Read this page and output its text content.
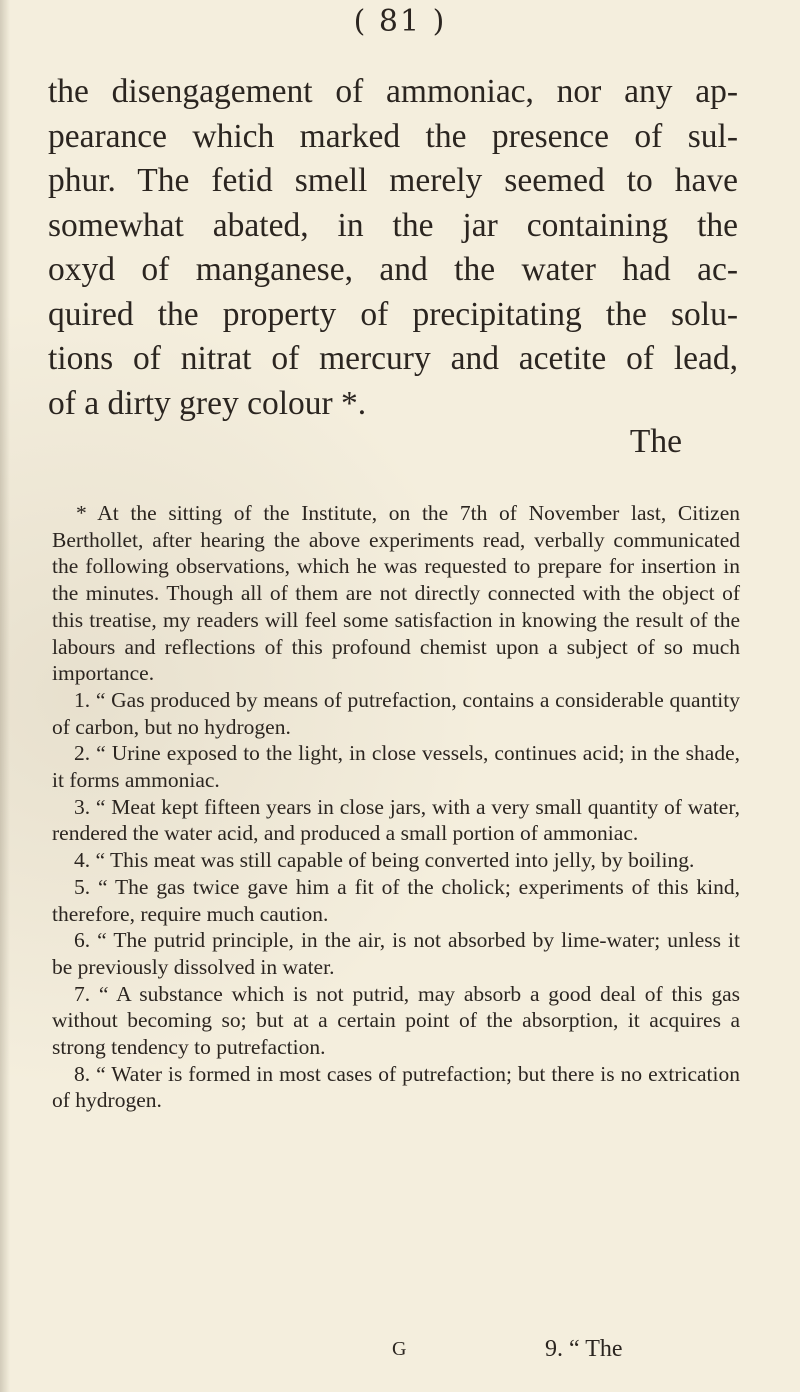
( 81 )
the disengagement of ammoniac, nor any ap-
pearance which marked the presence of sul-
phur. The fetid smell merely seemed to have
somewhat abated, in the jar containing the
oxyd of manganese, and the water had ac-
quired the property of precipitating the solu-
tions of nitrat of mercury and acetite of lead,
of a dirty grey colour *.
The

* At the sitting of the Institute, on the 7th of November last, Citizen Berthollet, after hearing the above experiments read, verbally communicated the following observations, which he was requested to prepare for insertion in the minutes. Though all of them are not directly connected with the object of this treatise, my readers will feel some satisfaction in knowing the result of the labours and reflections of this profound chemist upon a subject of so much importance.

1. “ Gas produced by means of putrefaction, contains a considerable quantity of carbon, but no hydrogen.

2. “ Urine exposed to the light, in close vessels, continues acid; in the shade, it forms ammoniac.

3. “ Meat kept fifteen years in close jars, with a very small quantity of water, rendered the water acid, and produced a small portion of ammoniac.

4. “ This meat was still capable of being converted into jelly, by boiling.

5. “ The gas twice gave him a fit of the cholick; experiments of this kind, therefore, require much caution.

6. “ The putrid principle, in the air, is not absorbed by lime-water; unless it be previously dissolved in water.

7. “ A substance which is not putrid, may absorb a good deal of this gas without becoming so; but at a certain point of the absorption, it acquires a strong tendency to putrefaction.

8. “ Water is formed in most cases of putrefaction; but there is no extrication of hydrogen.

G	9. “ The
